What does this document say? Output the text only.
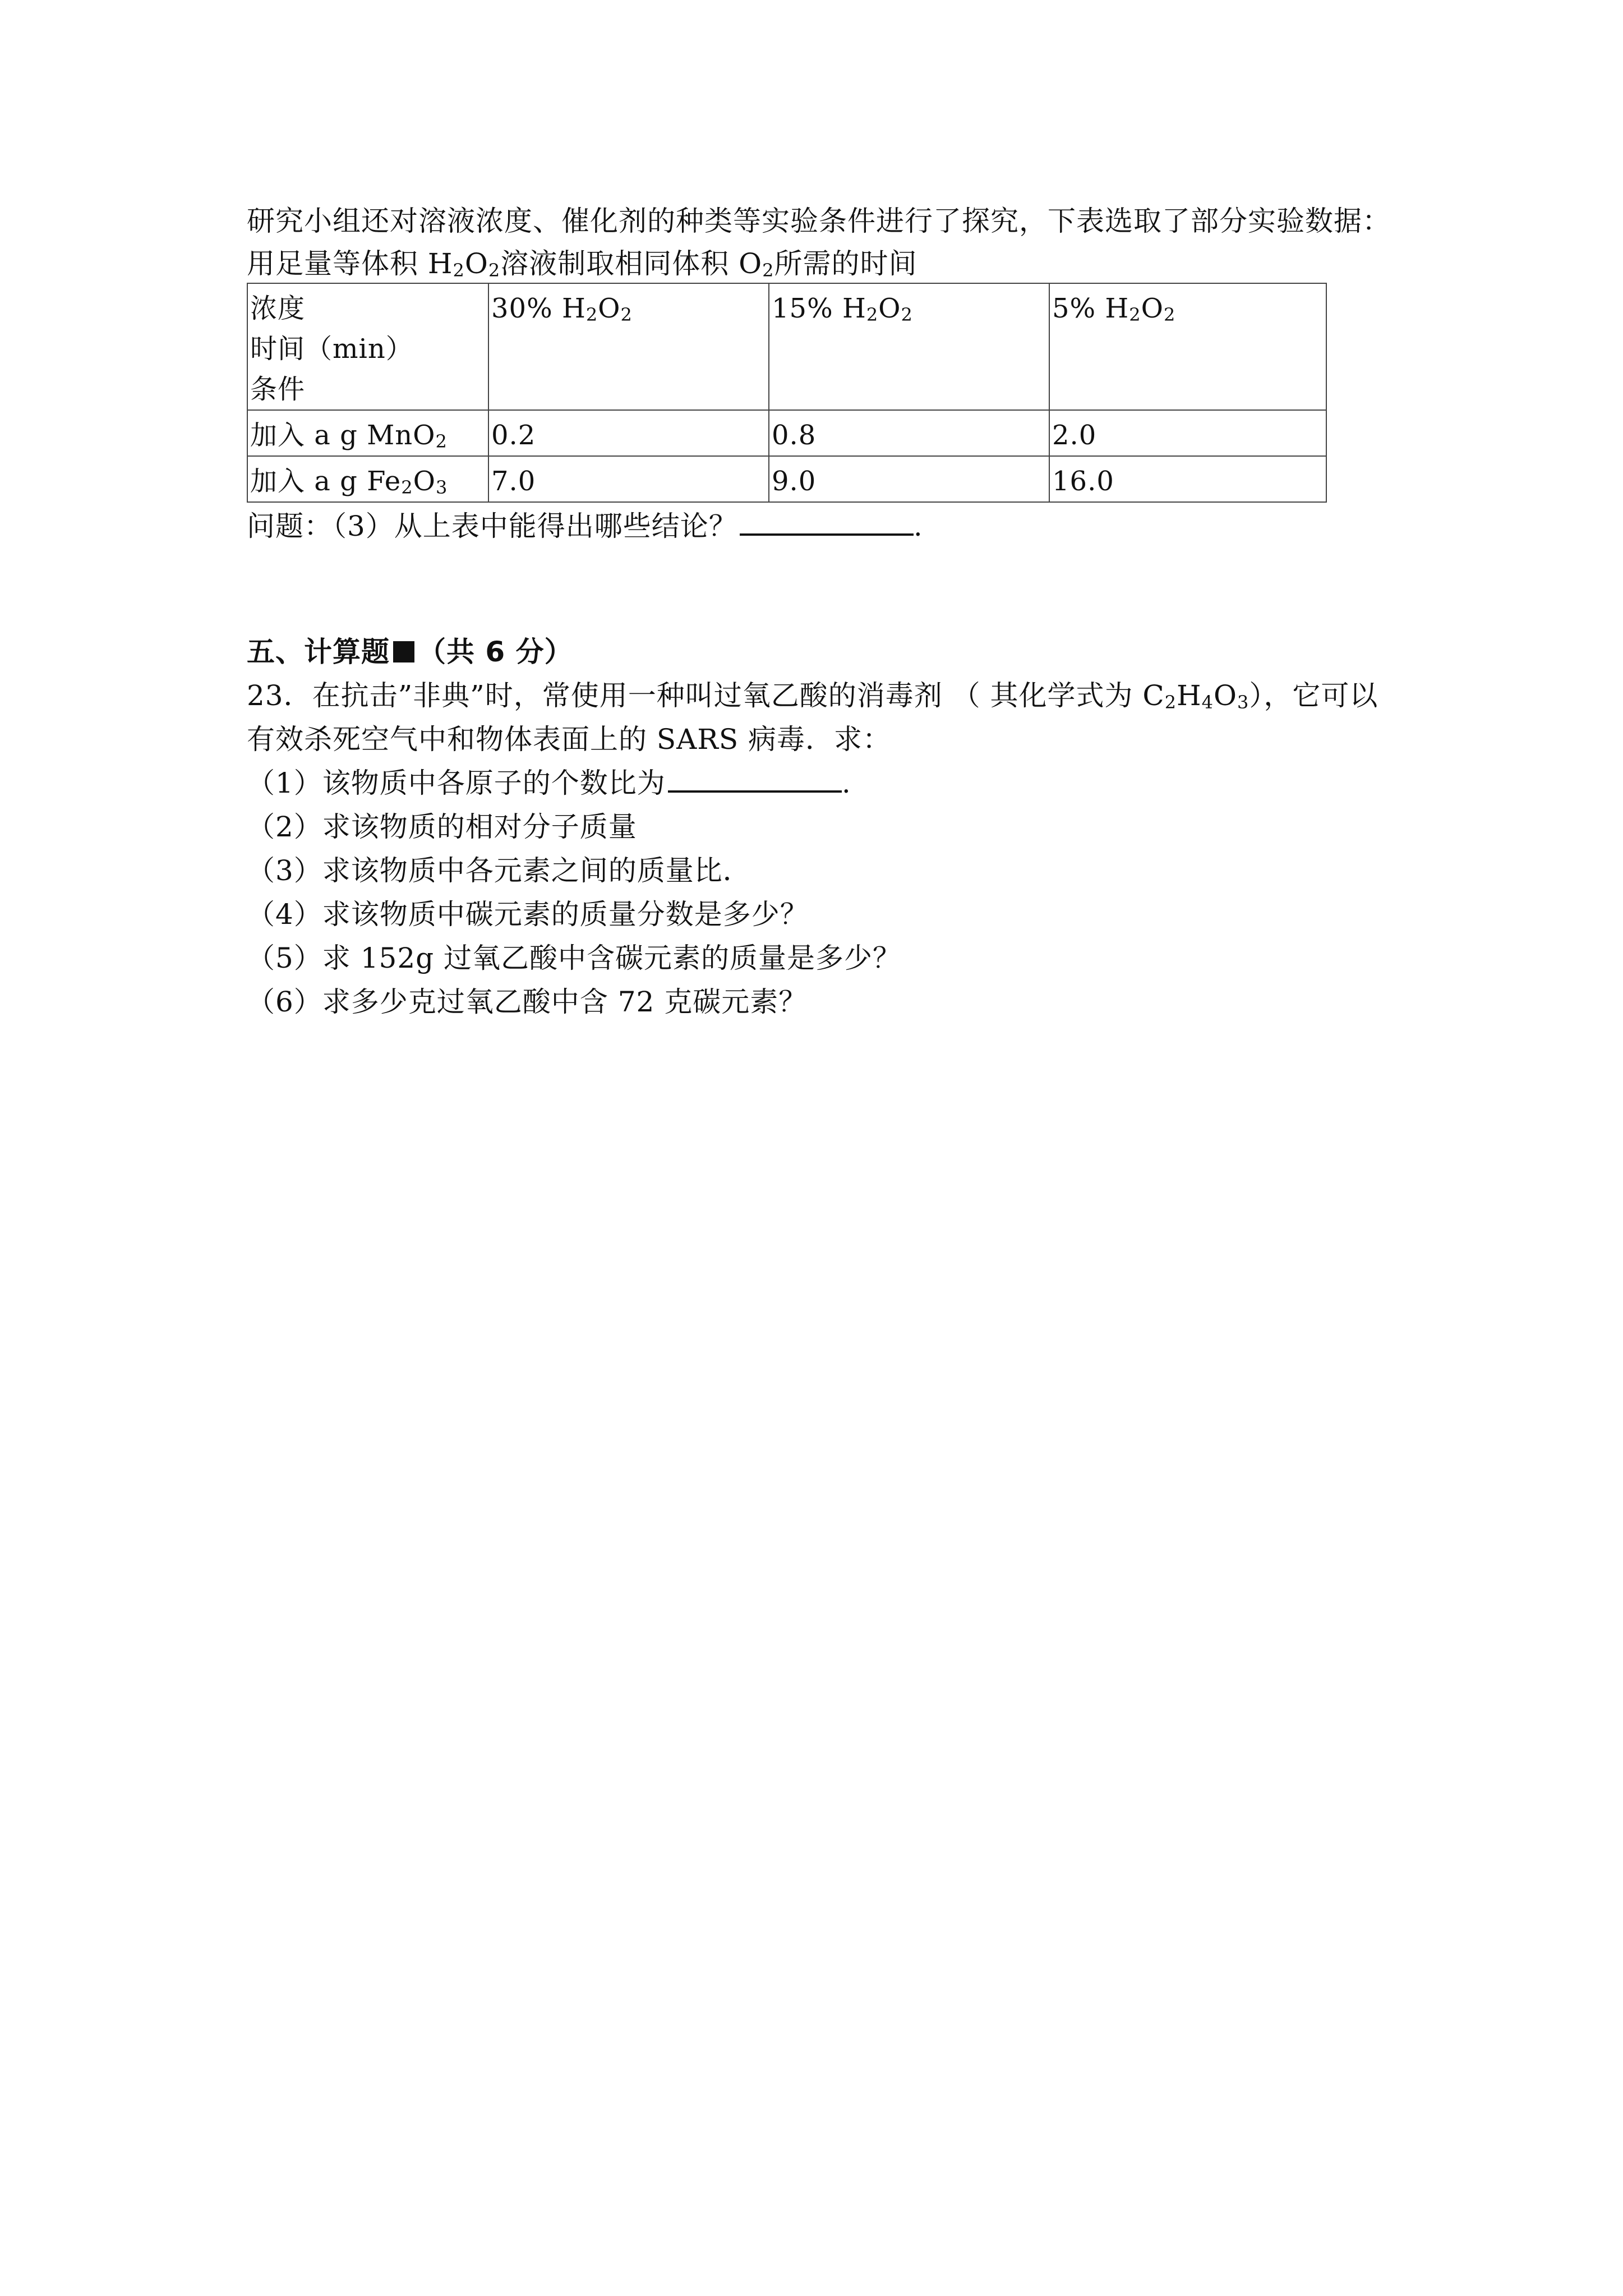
研究小组还对溶液浓度、催化剂的种类等实验条件进行了探究，下表选取了部分实验数据：
用足量等体积 $H_2O_2$溶液制取相同体积 $O_2$所需的时间
浓度
时间（min）
条件	30% $H_2O_2$	15% $H_2O_2$	5% $H_2O_2$
加入 a g MnO$_2$	0.2	0.8	2.0
加入 a g $Fe_2O_3$	7.0	9.0	16.0
问题：（3）从上表中能得出哪些结论？	.
五、计算题 （共 6 分）
23．在抗击”非典”时，常使用一种叫过氧乙酸的消毒剂 （ 其化学式为 $C_2H_4O_3$），它可以
有效杀死空气中和物体表面上的 SARS 病毒．求：
（1）该物质中各原子的个数比为	.
（2）求该物质的相对分子质量
（3）求该物质中各元素之间的质量比．
（4）求该物质中碳元素的质量分数是多少？
（5）求 152g 过氧乙酸中含碳元素的质量是多少？
（6）求多少克过氧乙酸中含 72 克碳元素？
